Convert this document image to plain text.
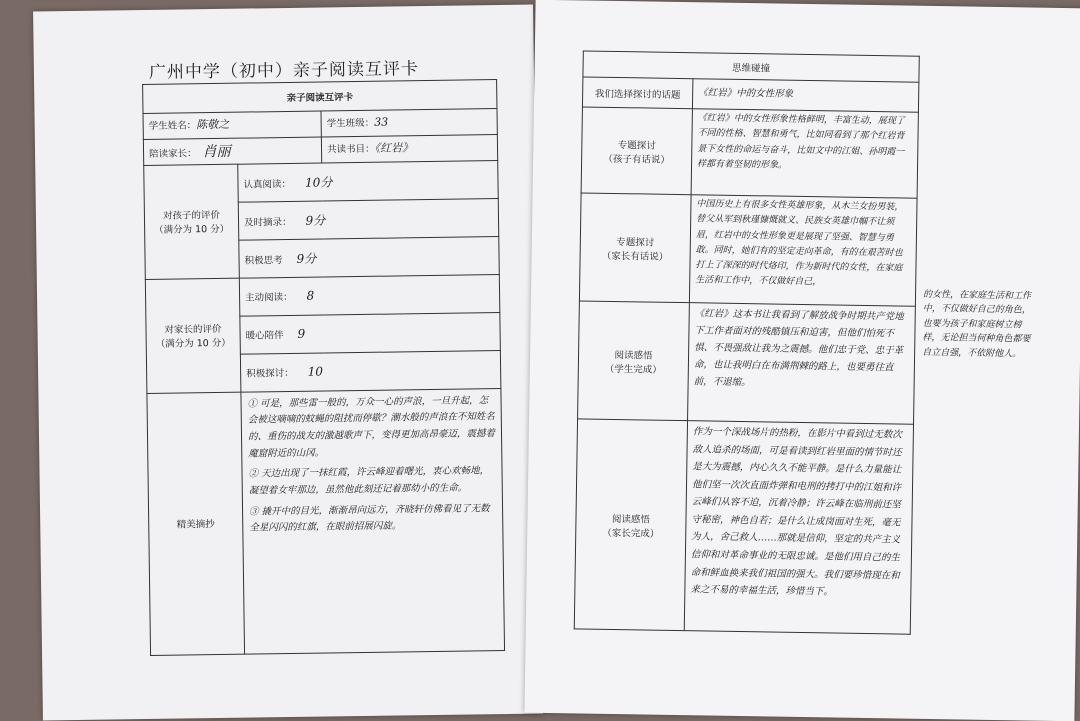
广州中学（初中）亲子阅读互评卡
亲子阅读互评卡		
学生姓名：陈敬之		学生班级：33
陪读家长： 肖丽		共读书目：《红岩》
对孩子的评价
（满分为 10 分）	认真阅读： 10分	
	及时摘录： 9分	
	积极思考 9分	
对家长的评价
（满分为 10 分）	主动阅读： 8	
	暖心陪伴 9	
	积极探讨： 10	
精美摘抄	① 可是，那些雷一般的，万众一心的声浪，一旦升起，怎会被这嘀嘀的蚊蝇的阻扰而停歇？潮水般的声浪在不知姓名的、重伤的战友的激越歌声下，变得更加高昂豪迈，震撼着魔窟附近的山冈。
② 天边出现了一抹红霞，许云峰迎着曙光，衷心欢畅地，凝望着女牢那边，虽然他此刻还记着那幼小的生命。
③ 撬开中的目光，渐渐昂向远方，齐晓轩仿佛看见了无数全星闪闪的红旗，在眼前招展闪旋。	
思维碰撞	
我们选择探讨的话题	《红岩》中的女性形象
专题探讨
（孩子有话说）	《红岩》中的女性形象性格鲜明，丰富生动，展现了不同的性格、智慧和勇气，比如同看到了那个红岩背景下女性的命运与奋斗，比如文中的江姐、孙明霞一样都有着坚韧的形象。
专题探讨
（家长有话说）	中国历史上有很多女性英雄形象，从木兰女扮男装，替父从军到秋瑾慷慨就义、民族女英雄巾帼不让须眉，红岩中的女性形象更是展现了坚强、智慧与勇敢。同时，她们有的坚定走向革命，有的在艰苦时也打上了深深的时代烙印，作为新时代的女性，在家庭生活和工作中，不仅做好自己，
阅读感悟
（学生完成）	《红岩》这本书让我看到了解放战争时期共产党地下工作者面对的残酷镇压和迫害，但他们怕死不惧、不畏强敌让我为之震撼。他们忠于党、忠于革命，也让我明白在布满荆棘的路上，也要勇往直前，不退缩。
阅读感悟
（家长完成）	作为一个深战场片的热粉，在影片中看到过无数次敌人追杀的场面，可是看读到红岩里面的情节时还是大为震撼，内心久久不能平静。是什么力量能让他们坚一次次直面炸弹和电刑的拷打中的江姐和许云峰们从容不迫，沉着冷静；许云峰在临刑前还坚守秘密，神色自若；是什么让成岗面对生死，毫无为人，舍己救人……那就是信仰，坚定的共产主义信仰和对革命事业的无限忠诚。是他们用自己的生命和鲜血换来我们祖国的强大。我们要珍惜现在和来之不易的幸福生活，珍惜当下。
的女性，在家庭生活和工作中，不仅做好自己的角色，也要为孩子和家庭树立榜样，无论担当何种角色都要自立自强，不依附他人。
